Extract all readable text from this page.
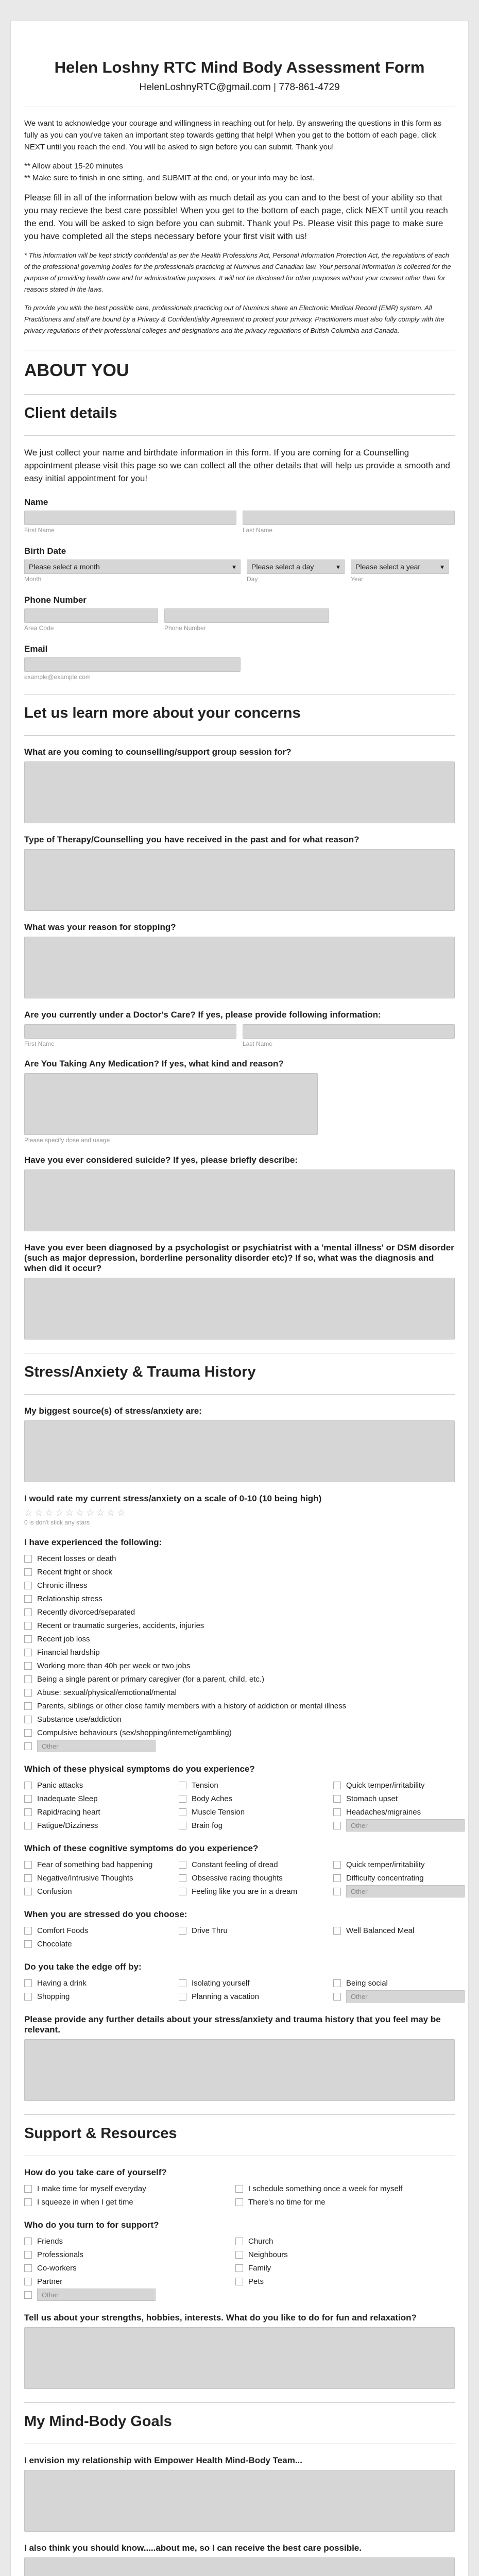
Helen Loshny RTC Mind Body Assessment Form
HelenLoshnyRTC@gmail.com | 778-861-4729
We want to acknowledge your courage and willingness in reaching out for help. By answering the questions in this form as fully as you can you've taken an important step towards getting that help! When you get to the bottom of each page, click NEXT until you reach the end. You will be asked to sign before you can submit. Thank you!
** Allow about 15-20 minutes
** Make sure to finish in one sitting, and SUBMIT at the end, or your info may be lost.
Please fill in all of the information below with as much detail as you can and to the best of your ability so that you may recieve the best care possible! When you get to the bottom of each page, click NEXT until you reach the end. You will be asked to sign before you can submit. Thank you! Ps. Please visit this page to make sure you have completed all the steps necessary before your first visit with us!
* This information will be kept strictly confidential as per the Health Professions Act, Personal Information Protection Act, the regulations of each of the professional governing bodies for the professionals practicing at Numinus and Canadian law. Your personal information is collected for the purpose of providing health care and for administrative purposes. It will not be disclosed for other purposes without your consent other than for reasons stated in the laws.
To provide you with the best possible care, professionals practicing out of Numinus share an Electronic Medical Record (EMR) system. All Practitioners and staff are bound by a Privacy & Confidentiality Agreement to protect your privacy. Practitioners must also fully comply with the privacy regulations of their professional colleges and designations and the privacy regulations of British Columbia and Canada.
ABOUT YOU
Client details
We just collect your name and birthdate information in this form. If you are coming for a Counselling appointment please visit this page so we can collect all the other details that will help us provide a smooth and easy initial appointment for you!
Name
First Name	Last Name
Birth Date
Please select a month	▾
Month
Please select a day	▾
Day
Please select a year	▾
Year
Phone Number
Area Code	Phone Number
Email
example@example.com
Let us learn more about your concerns
What are you coming to counselling/support group session for?
Type of Therapy/Counselling you have received in the past and for what reason?
What was your reason for stopping?
Are you currently under a Doctor's Care? If yes, please provide following information:
First Name	Last Name
Are You Taking Any Medication? If yes, what kind and reason?
Please specify dose and usage
Have you ever considered suicide? If yes, please briefly describe:
Have you ever been diagnosed by a psychologist or psychiatrist with a 'mental illness' or DSM disorder (such as major depression, borderline personality disorder etc)? If so, what was the diagnosis and when did it occur?
Stress/Anxiety & Trauma History
My biggest source(s) of stress/anxiety are:
I would rate my current stress/anxiety on a scale of 0-10 (10 being high)
☆ ☆ ☆ ☆ ☆ ☆ ☆ ☆ ☆ ☆
0 is don't stick any stars
I have experienced the following:
Recent losses or death
Recent fright or shock
Chronic illness
Relationship stress
Recently divorced/separated
Recent or traumatic surgeries, accidents, injuries
Recent job loss
Financial hardship
Working more than 40h per week or two jobs
Being a single parent or primary caregiver (for a parent, child, etc.)
Abuse: sexual/physical/emotional/mental
Parents, siblings or other close family members with a history of addiction or mental illness
Substance use/addiction
Compulsive behaviours (sex/shopping/internet/gambling)
Other
Which of these physical symptoms do you experience?
Panic attacks	Tension	Quick temper/irritability
Inadequate Sleep	Body Aches	Stomach upset
Rapid/racing heart	Muscle Tension	Headaches/migraines
Fatigue/Dizziness	Brain fog	Other
Which of these cognitive symptoms do you experience?
Fear of something bad happening	Constant feeling of dread	Quick temper/irritability
Negative/Intrusive Thoughts	Obsessive racing thoughts	Difficulty concentrating
Confusion	Feeling like you are in a dream	Other
When you are stressed do you choose:
Comfort Foods	Drive Thru	Well Balanced Meal
Chocolate
Do you take the edge off by:
Having a drink	Isolating yourself	Being social
Shopping	Planning a vacation	Other
Please provide any further details about your stress/anxiety and trauma history that you feel may be relevant.
Support & Resources
How do you take care of yourself?
I make time for myself everyday	I schedule something once a week for myself
I squeeze in when I get time	There's no time for me
Who do you turn to for support?
Friends	Church
Professionals	Neighbours
Co-workers	Family
Partner	Pets
Other
Tell us about your strengths, hobbies, interests. What do you like to do for fun and relaxation?
My Mind-Body Goals
I envision my relationship with Empower Health Mind-Body Team...
I also think you should know.....about me, so I can receive the best care possible.
